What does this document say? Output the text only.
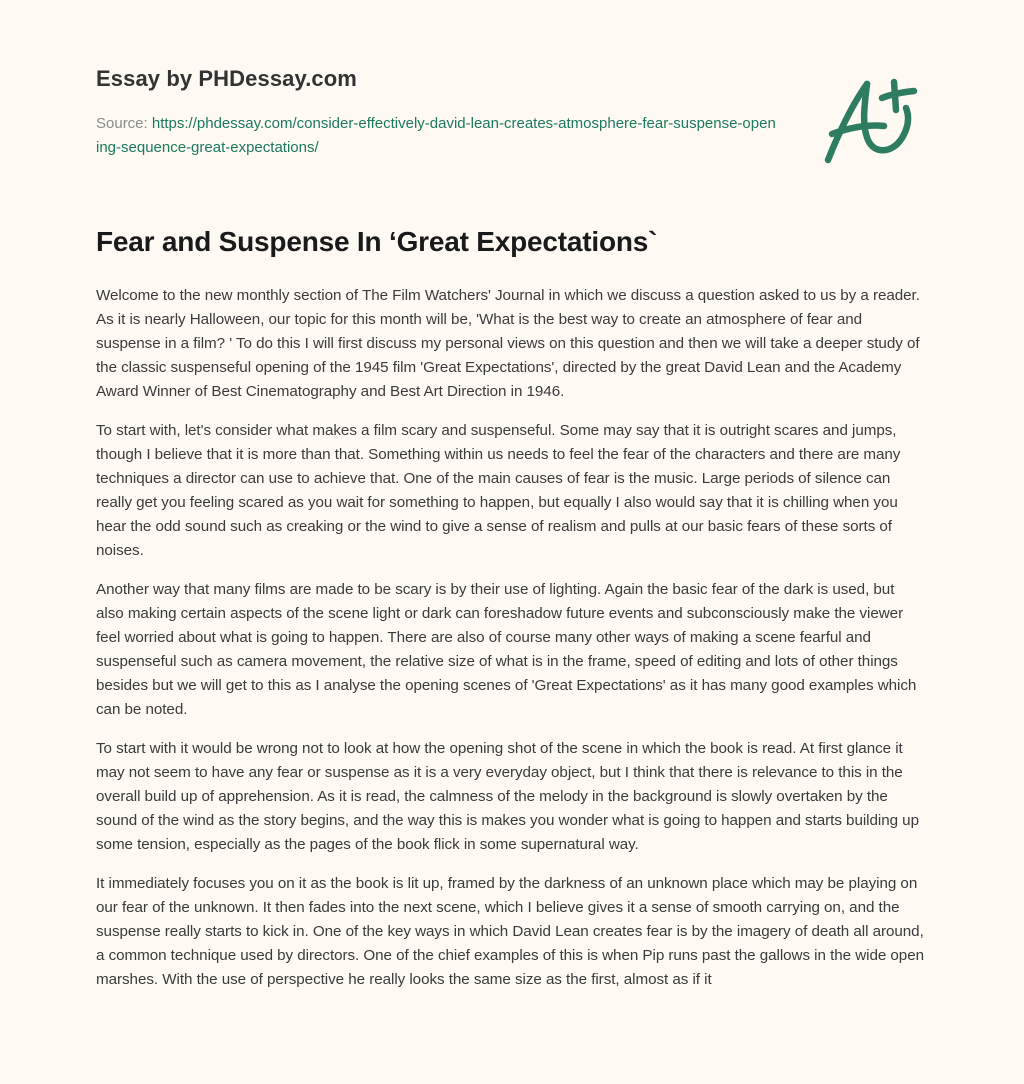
Essay by PHDessay.com
Source: https://phdessay.com/consider-effectively-david-lean-creates-atmosphere-fear-suspense-opening-sequence-great-expectations/
Fear and Suspense In ‘Great Expectations`

Welcome to the new monthly section of The Film Watchers' Journal in which we discuss a question asked to us by a reader. As it is nearly Halloween, our topic for this month will be, 'What is the best way to create an atmosphere of fear and suspense in a film? ' To do this I will first discuss my personal views on this question and then we will take a deeper study of the classic suspenseful opening of the 1945 film 'Great Expectations', directed by the great David Lean and the Academy Award Winner of Best Cinematography and Best Art Direction in 1946.

To start with, let's consider what makes a film scary and suspenseful. Some may say that it is outright scares and jumps, though I believe that it is more than that. Something within us needs to feel the fear of the characters and there are many techniques a director can use to achieve that. One of the main causes of fear is the music. Large periods of silence can really get you feeling scared as you wait for something to happen, but equally I also would say that it is chilling when you hear the odd sound such as creaking or the wind to give a sense of realism and pulls at our basic fears of these sorts of noises.

Another way that many films are made to be scary is by their use of lighting. Again the basic fear of the dark is used, but also making certain aspects of the scene light or dark can foreshadow future events and subconsciously make the viewer feel worried about what is going to happen. There are also of course many other ways of making a scene fearful and suspenseful such as camera movement, the relative size of what is in the frame, speed of editing and lots of other things besides but we will get to this as I analyse the opening scenes of 'Great Expectations' as it has many good examples which can be noted.

To start with it would be wrong not to look at how the opening shot of the scene in which the book is read. At first glance it may not seem to have any fear or suspense as it is a very everyday object, but I think that there is relevance to this in the overall build up of apprehension. As it is read, the calmness of the melody in the background is slowly overtaken by the sound of the wind as the story begins, and the way this is makes you wonder what is going to happen and starts building up some tension, especially as the pages of the book flick in some supernatural way.

It immediately focuses you on it as the book is lit up, framed by the darkness of an unknown place which may be playing on our fear of the unknown. It then fades into the next scene, which I believe gives it a sense of smooth carrying on, and the suspense really starts to kick in. One of the key ways in which David Lean creates fear is by the imagery of death all around, a common technique used by directors. One of the chief examples of this is when Pip runs past the gallows in the wide open marshes. With the use of perspective he really looks the same size as the first, almost as if it
